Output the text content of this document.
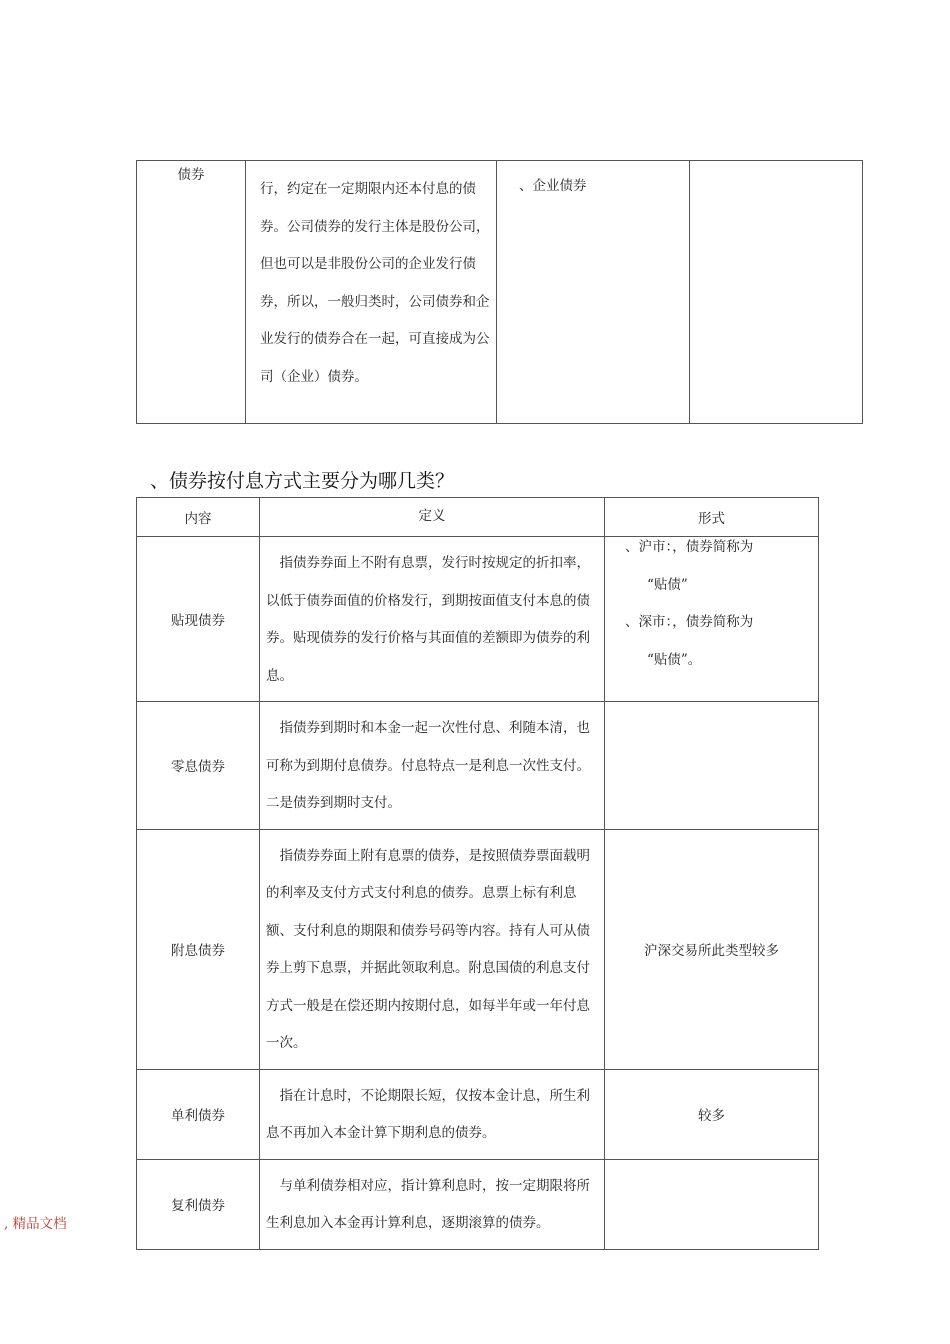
债券	行，约定在一定期限内还本付息的债券。公司债券的发行主体是股份公司，但也可以是非股份公司的企业发行债券，所以，一般归类时，公司债券和企业发行的债券合在一起，可直接成为公司（企业）债券。	、企业债券	
、债券按付息方式主要分为哪几类？
内容	定义	形式
贴现债券	指债券券面上不附有息票，发行时按规定的折扣率，以低于债券面值的价格发行，到期按面值支付本息的债券。贴现债券的发行价格与其面值的差额即为债券的利息。	、沪市：，债券简称为
“贴债”
、深市：，债券简称为
“贴债”。

零息债券	指债券到期时和本金一起一次性付息、利随本清，也可称为到期付息债券。付息特点一是利息一次性支付。二是债券到期时支付。	
附息债券	指债券券面上附有息票的债券，是按照债券票面载明的利率及支付方式支付利息的债券。息票上标有利息额、支付利息的期限和债券号码等内容。持有人可从债券上剪下息票，并据此领取利息。附息国债的利息支付方式一般是在偿还期内按期付息，如每半年或一年付息一次。	沪深交易所此类型较多
单利债券	指在计息时，不论期限长短，仅按本金计息，所生利息不再加入本金计算下期利息的债券。	较多
复利债券	与单利债券相对应，指计算利息时，按一定期限将所生利息加入本金再计算利息，逐期滚算的债券。	
, 精品文档
